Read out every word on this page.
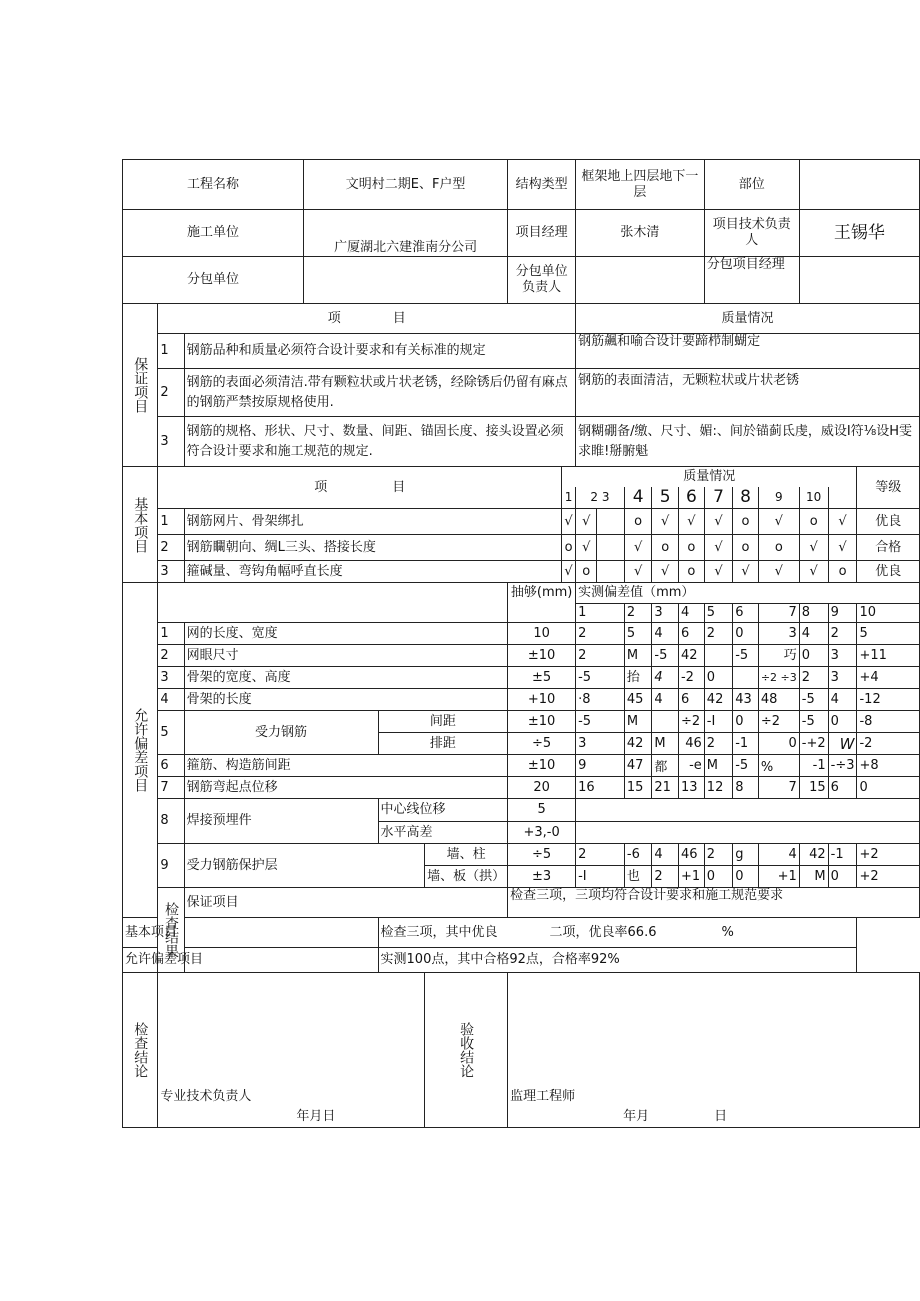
工程名称			文明村二期E、F户型			结构类型		框架地上四层地下一层					部位					
施工单位			广厦湖北六建淮南分公司			项目经理		张木清					项目技术负责人			王锡华		
分包单位						分包单位负责人							分包项目经理					
保证项目	项　　　　目							质量情况										
	1	钢筋品种和质量必须符合设计要求和有关标准的规定						钢筋飆和喻合设计要蹄栉制蝴定										
	2	钢筋的表面必须清洁.带有颗粒状或片状老锈，经除锈后仍留有麻点的钢筋严禁按原规格使用.						钢筋的表面清洁，无颗粒状或片状老锈										
	3	钢筋的规格、形状、尺寸、数量、间距、锚固长度、接头设置必须符合设计要求和施工规范的规定.						钢糊硼备/缴、尺寸、媚:、间於锚蓟氐虔，威设I符⅛设H雯求睢!掰腑魁										
基本项目	项　　　　　目						质量情况											等级
							1	2 3		4	5	6	7	8	9	10		
	1	钢筋网片、骨架绑扎					√	√		o	√	√	√	o	√	o	√	优良
	2	钢筋矙朝向、绸L三头、搭接长度					o	√		√	o	o	√	o	o	√	√	合格
	3	箍碱量、弯钩角幅呼直长度					√	o		√	√	o	√	√	√	√	o	优良
允许偏差项目						抽够(mm)		实测偏差值（mm）										
								1		2	3	4	5	6	7	8	9	10
	1	网的长度、宽度				10		2		5	4	6	2	0	3	4	2	5
	2	网眼尺寸				±10		2		M	-5	42		-5	巧	0	3	+11
	3	骨架的宽度、高度				±5		-5		抬	4	-2	0		÷2 ÷3	2	3	+4
	4	骨架的长度				+10		·8		45	4	6	42	43	48	-5	4	-12
	5	受力钢筋		间距		±10		-5		M		÷2	-I	0	÷2	-5	0	-8
				排距		÷5		3		42	M	46	2	-1	0	-+2	W	-2
	6	箍筋、构造筋间距				±10		9		47	都	-e	M	-5	%	-1	-÷3	+8
	7	钢筋弯起点位移				20		16		15	21	13	12	8	7	15	6	0
	8	焊接预埋件		中心线位移		5												
				水平高差		+3,-0												
	9	受力钢筋保护层			墙、柱	÷5		2		-6	4	46	2	g	4	42	-1	+2
					墙、板（拱）	±3		-I		也	2	+1	0	0	+1	M	0	+2
	检查结果	保证项目				检查三项，三项均符合设计要求和施工规范要求												
基本项目				检查三项，其中优良　　　　二项，优良率66.6　　　　　%														
允许偏差项目				实测100点，其中合格92点，合格率92%														
检查结论	专业技术负责人
年月日				验收结论	监理工程师
年月　　　　　日												
